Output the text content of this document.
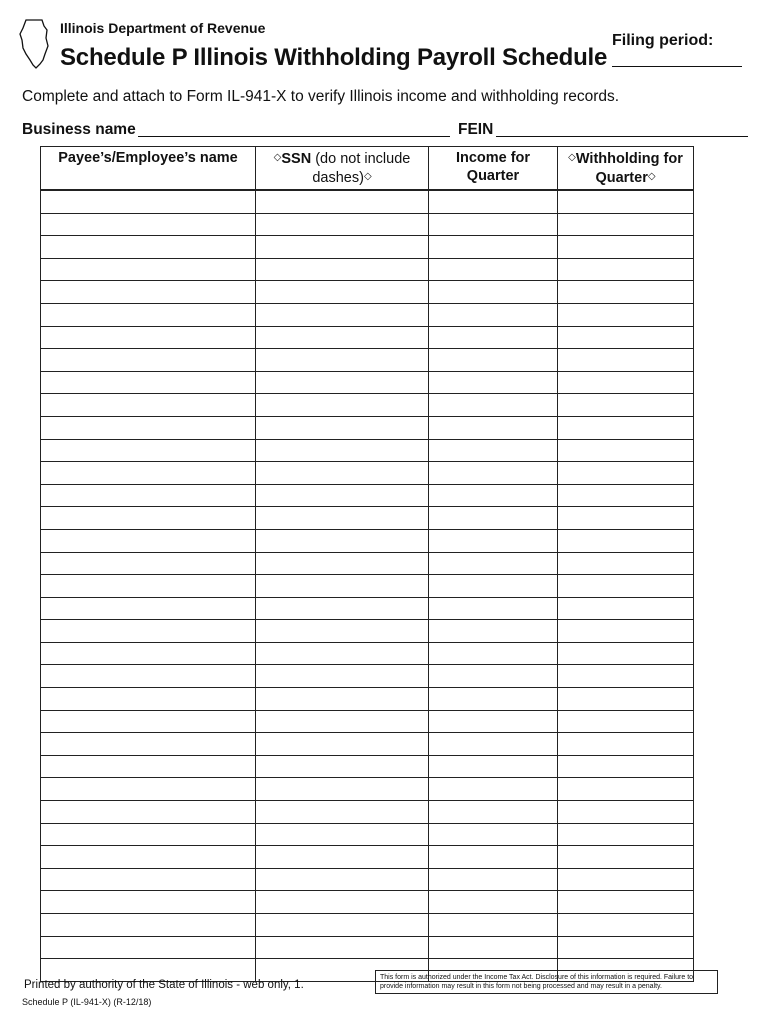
Illinois Department of Revenue
Schedule P Illinois Withholding Payroll Schedule
Filing period:
Complete and attach to Form IL-941-X to verify Illinois income and withholding records.
Business name	FEIN
Payee’s/Employee’s name	◇SSN (do not include dashes)◇	Income for Quarter	◇Withholding for Quarter◇

Printed by authority of the State of Illinois - web only, 1.
Schedule P (IL-941-X) (R-12/18)
This form is authorized under the Income Tax Act. Disclosure of this information is required. Failure to provide information may result in this form not being processed and may result in a penalty.
